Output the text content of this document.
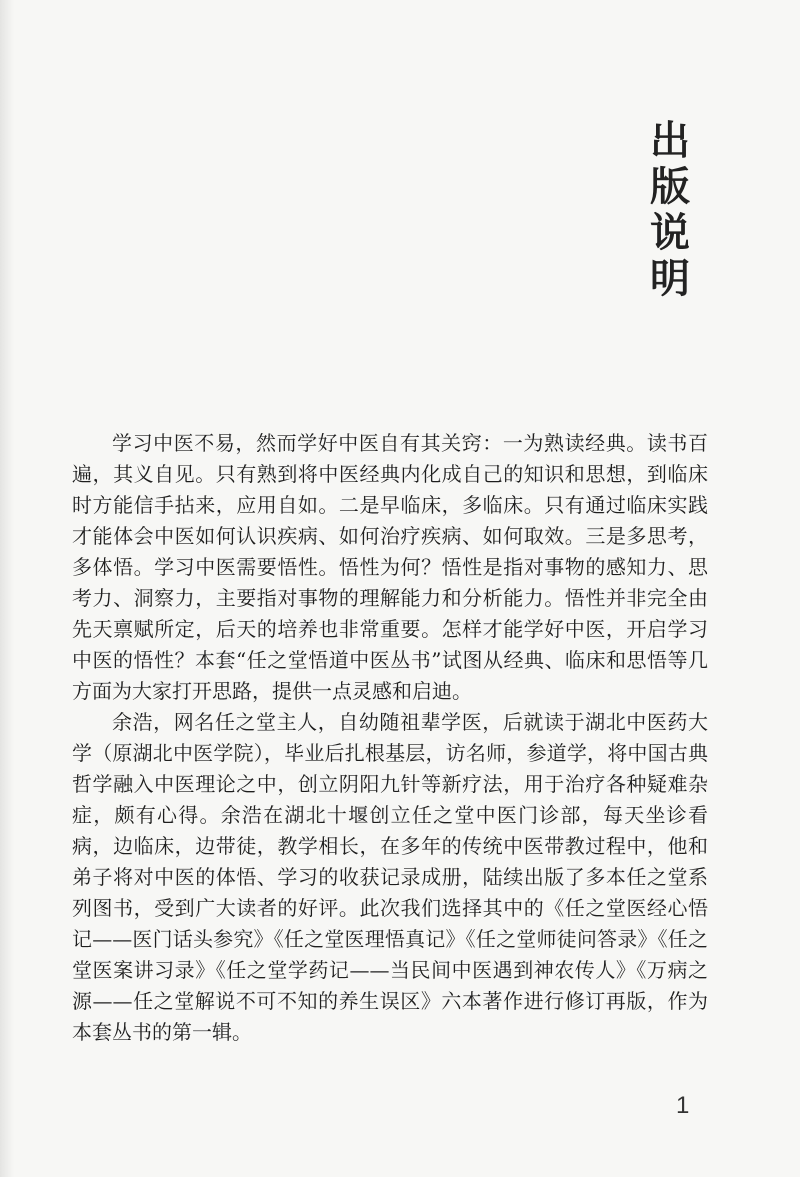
出版说明

学习中医不易，然而学好中医自有其关窍：一为熟读经典。读书百遍，其义自见。只有熟到将中医经典内化成自己的知识和思想，到临床时方能信手拈来，应用自如。二是早临床，多临床。只有通过临床实践才能体会中医如何认识疾病、如何治疗疾病、如何取效。三是多思考，多体悟。学习中医需要悟性。悟性为何？悟性是指对事物的感知力、思考力、洞察力，主要指对事物的理解能力和分析能力。悟性并非完全由先天禀赋所定，后天的培养也非常重要。怎样才能学好中医，开启学习中医的悟性？本套“任之堂悟道中医丛书”试图从经典、临床和思悟等几方面为大家打开思路，提供一点灵感和启迪。

余浩，网名任之堂主人，自幼随祖辈学医，后就读于湖北中医药大学（原湖北中医学院），毕业后扎根基层，访名师，参道学，将中国古典哲学融入中医理论之中，创立阴阳九针等新疗法，用于治疗各种疑难杂症，颇有心得。余浩在湖北十堰创立任之堂中医门诊部，每天坐诊看病，边临床，边带徒，教学相长，在多年的传统中医带教过程中，他和弟子将对中医的体悟、学习的收获记录成册，陆续出版了多本任之堂系列图书，受到广大读者的好评。此次我们选择其中的《任之堂医经心悟记——医门话头参究》《任之堂医理悟真记》《任之堂师徒问答录》《任之堂医案讲习录》《任之堂学药记——当民间中医遇到神农传人》《万病之源——任之堂解说不可不知的养生误区》六本著作进行修订再版，作为本套丛书的第一辑。

1
